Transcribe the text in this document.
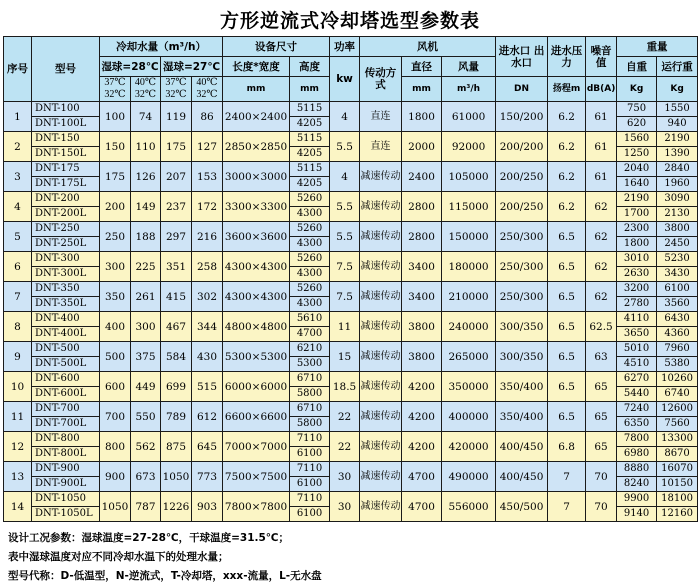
方形逆流式冷却塔选型参数表
序号	型号	冷却水量（m³/h）				设备尺寸		功率	风机			进水口 出水口	进水压力	噪音值	重量	
		湿球=28℃		湿球=27℃		长度*宽度	高度	kw	传动方式	直径	风量				自重	运行重
		37℃ 32℃	40℃ 32℃	37℃ 32℃	40℃ 32℃	mm	mm			mm	m³/h	DN	扬程m	dB(A)	Kg	Kg
1	DNT-100	100	74	119	86	2400×2400	5115	4	直连	1800	61000	150/200	6.2	61	750	1550
	DNT-100L						4205								620	940
2	DNT-150	150	110	175	127	2850×2850	5115	5.5	直连	2000	92000	200/200	6.2	61	1560	2190
	DNT-150L						4205								1250	1390
3	DNT-175	175	126	207	153	3000×3000	5115	4	减速传动	2400	105000	200/250	6.2	61	2040	2840
	DNT-175L						4205								1640	1960
4	DNT-200	200	149	237	172	3300×3300	5260	5.5	减速传动	2800	115000	200/250	6.2	62	2190	3090
	DNT-200L						4300								1700	2130
5	DNT-250	250	188	297	216	3600×3600	5260	5.5	减速传动	2800	150000	250/300	6.5	62	2300	3800
	DNT-250L						4300								1800	2450
6	DNT-300	300	225	351	258	4300×4300	5260	7.5	减速传动	3400	180000	250/300	6.5	62	3010	5230
	DNT-300L						4300								2630	3430
7	DNT-350	350	261	415	302	4300×4300	5260	7.5	减速传动	3400	210000	250/300	6.5	62	3200	6100
	DNT-350L						4300								2780	3560
8	DNT-400	400	300	467	344	4800×4800	5610	11	减速传动	3800	240000	300/350	6.5	62.5	4110	6430
	DNT-400L						4700								3650	4360
9	DNT-500	500	375	584	430	5300×5300	6210	15	减速传动	3800	265000	300/350	6.5	63	5010	7960
	DNT-500L						5300								4510	5380
10	DNT-600	600	449	699	515	6000×6000	6710	18.5	减速传动	4200	350000	350/400	6.5	65	6270	10260
	DNT-600L						5800								5440	6740
11	DNT-700	700	550	789	612	6600×6600	6710	22	减速传动	4200	400000	350/400	6.5	65	7240	12600
	DNT-700L						5800								6350	7560
12	DNT-800	800	562	875	645	7000×7000	7110	22	减速传动	4200	420000	400/450	6.8	65	7800	13300
	DNT-800L						6100								6980	8670
13	DNT-900	900	673	1050	773	7500×7500	7110	30	减速传动	4700	490000	400/450	7	70	8880	16070
	DNT-900L						6100								8240	10150
14	DNT-1050	1050	787	1226	903	7800×7800	7110	30	减速传动	4700	556000	450/500	7	70	9900	18100
	DNT-1050L						6100								9140	12160
设计工况参数：湿球温度=27-28℃，干球温度=31.5℃；
表中湿球温度对应不同冷却水温下的处理水量；
型号代称：D-低温型，N-逆流式，T-冷却塔，xxx-流量，L-无水盘
